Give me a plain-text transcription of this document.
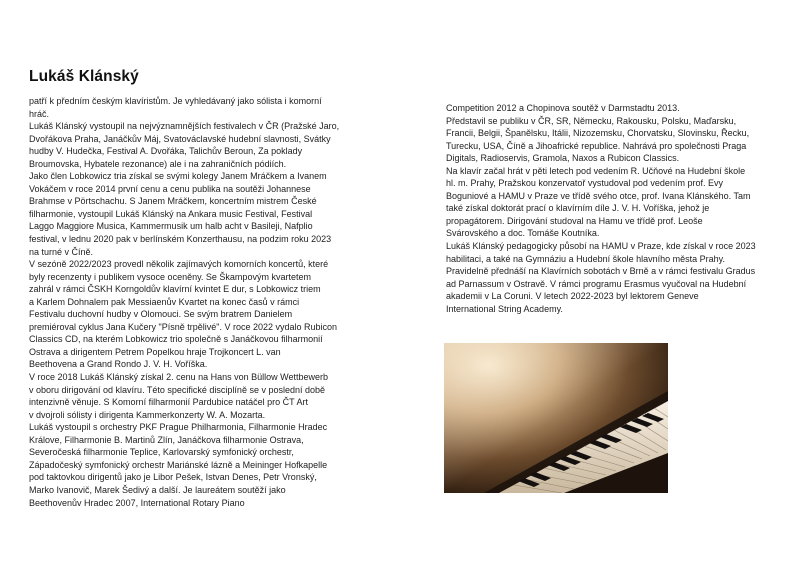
Lukáš Klánský

patří k předním českým klavíristům. Je vyhledávaný jako sólista i komorní
hráč.

Lukáš Klánský vystoupil na nejvýznamnějších festivalech v ČR (Pražské Jaro,
Dvořákova Praha, Janáčkův Máj, Svatováclavské hudební slavnosti, Svátky
hudby V. Hudečka, Festival A. Dvořáka, Talichův Beroun, Za poklady
Broumovska, Hybatele rezonance) ale i na zahraničních pódiích.

Jako člen Lobkowicz tria získal se svými kolegy Janem Mráčkem a Ivanem
Vokáčem v roce 2014 první cenu a cenu publika na soutěži Johannese
Brahmse v Pörtschachu. S Janem Mráčkem, koncertním mistrem České
filharmonie, vystoupil Lukáš Klánský na Ankara music Festival, Festival
Laggo Maggiore Musica, Kammermusik um halb acht v Basileji, Nafplio
festival, v lednu 2020 pak v berlínském Konzerthausu, na podzim roku 2023
na turné v Číně.

V sezóně 2022/2023 provedl několik zajímavých komorních koncertů, které
byly recenzenty i publikem vysoce oceněny. Se Škampovým kvartetem
zahrál v rámci ČSKH Korngoldův klavírní kvintet E dur, s Lobkowicz triem
a Karlem Dohnalem pak Messiaenův Kvartet na konec časů v rámci
Festivalu duchovní hudby v Olomouci. Se svým bratrem Danielem
premiéroval cyklus Jana Kučery "Písně trpělivé". V roce 2022 vydalo Rubicon
Classics CD, na kterém Lobkowicz trio společně s Janáčkovou filharmonií
Ostrava a dirigentem Petrem Popelkou hraje Trojkoncert L. van
Beethovena a Grand Rondo J. V. H. Voříška.

V roce 2018 Lukáš Klánský získal 2. cenu na Hans von Büllow Wettbewerb
v oboru dirigování od klavíru. Této specifické disciplíně se v poslední době
intenzivně věnuje. S Komorní filharmonií Pardubice natáčel pro ČT Art
v dvojroli sólisty i dirigenta Kammerkonzerty W. A. Mozarta.

Lukáš vystoupil s orchestry PKF Prague Philharmonia, Filharmonie Hradec
Králove, Filharmonie B. Martinů Zlín, Janáčkova filharmonie Ostrava,
Severočeská filharmonie Teplice, Karlovarský symfonický orchestr,
Západočeský symfonický orchestr Mariánské lázně a Meininger Hofkapelle
pod taktovkou dirigentů jako je Libor Pešek, Istvan Denes, Petr Vronský,
Marko Ivanovič, Marek Šedivý a další. Je laureátem soutěží jako
Beethovenův Hradec 2007, International Rotary Piano

Competition 2012 a Chopinova soutěž v Darmstadtu 2013.

Představil se publiku v ČR, SR, Německu, Rakousku, Polsku, Maďarsku,
Francii, Belgii, Španělsku, Itálii, Nizozemsku, Chorvatsku, Slovinsku, Řecku,
Turecku, USA, Číně a Jihoafrické republice. Nahrává pro společnosti Praga
Digitals, Radioservis, Gramola, Naxos a Rubicon Classics.

Na klavír začal hrát v pěti letech pod vedením R. Učňové na Hudební škole
hl. m. Prahy, Pražskou konzervatoř vystudoval pod vedením prof. Evy
Boguniové a HAMU v Praze ve třídě svého otce, prof. Ivana Klánského. Tam
také získal doktorát prací o klavírním díle J. V. H. Voříška, jehož je
propagátorem. Dirigování studoval na Hamu ve třídě prof. Leoše
Svárovského a doc. Tomáše Koutníka.

Lukáš Klánský pedagogicky působí na HAMU v Praze, kde získal v roce 2023
habilitaci, a také na Gymnáziu a Hudební škole hlavního města Prahy.
Pravidelně přednáší na Klavírních sobotách v Brně a v rámci festivalu Gradus
ad Parnassum v Ostravě. V rámci programu Erasmus vyučoval na Hudební
akademii v La Coruni. V letech 2022-2023 byl lektorem Geneve
International String Academy.
